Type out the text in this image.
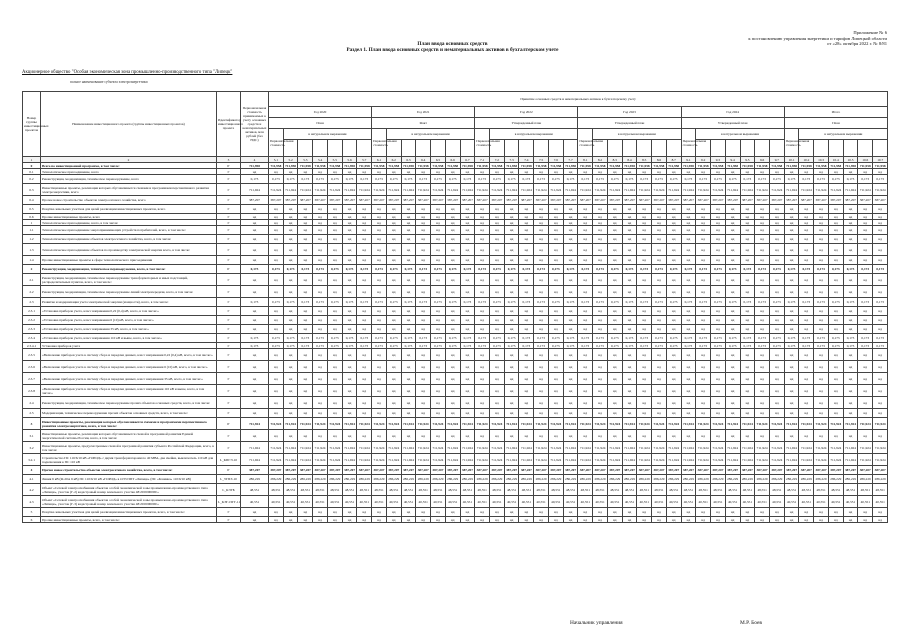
Приложение № 6
к постановлению управления энергетики и тарифов Липецкой области
от «28» октября 2022 г. № 8/81
План ввода основных средств
Раздел 1. План ввода основных средств и нематериальных активов в бухгалтерском учете
Акционерное общество "Особая экономическая зона промышленно-производственного типа "Липецк"
полное наименование субъекта электроэнергетики
Номер группы инвестиционных проектов	Наименование инвестиционного проекта (группы инвестиционных проектов)	Идентификатор инвестиционного проекта	Первоначальная стоимость принимаемых к учету основных средств и нематериальных активов, млн рублей (без НДС)	Принятие основных средств и нематериальных активов к бухгалтерскому учету																																									
				Год 2020							Год 2021							Год 2022							Год 2023							Год 2024							Итого						
				План							Факт							Утвержденный план							Утвержденный план							Утвержденный план							План						
				Первоначальная стоимость	в натуральном выражении						Первоначальная стоимость	в натуральном выражении						Первоначальная стоимость	в натуральном выражении						Первоначальная стоимость	в натуральном выражении						Первоначальная стоимость	в натуральном выражении						Первоначальная стоимость	в натуральном выражении					

1	2	3	4	5.1	5.2	5.3	5.4	5.5	5.6	5.7	6.1	6.2	6.3	6.4	6.5	6.6	6.7	7.1	7.2	7.3	7.4	7.5	7.6	7.7	8.1	8.2	8.3	8.4	8.5	8.6	8.7	9.1	9.2	9.3	9.4	9.5	9.6	9.7	10.1	10.2	10.3	10.4	10.5	10.6	10.7
0	Всего по инвестиционной программе, в том числе:	Г	711,958	711,958	711,958	711,958	711,958	711,958	711,958	711,958	711,958	711,958	711,958	711,958	711,958	711,958	711,958	711,958	711,958	711,958	711,958	711,958	711,958	711,958	711,958	711,958	711,958	711,958	711,958	711,958	711,958	711,958	711,958	711,958	711,958	711,958	711,958	711,958	711,958	711,958	711,958	711,958	711,958	711,958	711,958
0.1	Технологическое присоединение, всего	Г	нд	нд	нд	нд	нд	нд	нд	нд	нд	нд	нд	нд	нд	нд	нд	нд	нд	нд	нд	нд	нд	нд	нд	нд	нд	нд	нд	нд	нд	нд	нд	нд	нд	нд	нд	нд	нд	нд	нд	нд	нд	нд	нд
0.2	Реконструкция, модернизация, техническое перевооружение, всего	Г	0,173	0,173	0,173	0,173	0,173	0,173	0,173	0,173	0,173	0,173	0,173	0,173	0,173	0,173	0,173	0,173	0,173	0,173	0,173	0,173	0,173	0,173	0,173	0,173	0,173	0,173	0,173	0,173	0,173	0,173	0,173	0,173	0,173	0,173	0,173	0,173	0,173	0,173	0,173	0,173	0,173	0,173	0,173
0.3	Инвестиционные проекты, реализация которых обуславливается схемами и программами перспективного развития электроэнергетики, всего	Г	711,924	711,924	711,924	711,924	711,924	711,924	711,924	711,924	711,924	711,924	711,924	711,924	711,924	711,924	711,924	711,924	711,924	711,924	711,924	711,924	711,924	711,924	711,924	711,924	711,924	711,924	711,924	711,924	711,924	711,924	711,924	711,924	711,924	711,924	711,924	711,924	711,924	711,924	711,924	711,924	711,924	711,924	711,924
0.4	Прочее новое строительство объектов электросетевого хозяйства, всего	Г	387,207	387,207	387,207	387,207	387,207	387,207	387,207	387,207	387,207	387,207	387,207	387,207	387,207	387,207	387,207	387,207	387,207	387,207	387,207	387,207	387,207	387,207	387,207	387,207	387,207	387,207	387,207	387,207	387,207	387,207	387,207	387,207	387,207	387,207	387,207	387,207	387,207	387,207	387,207	387,207	387,207	387,207	387,207
0.5	Покупка земельных участков для целей реализации инвестиционных проектов, всего	Г	нд	нд	нд	нд	нд	нд	нд	нд	нд	нд	нд	нд	нд	нд	нд	нд	нд	нд	нд	нд	нд	нд	нд	нд	нд	нд	нд	нд	нд	нд	нд	нд	нд	нд	нд	нд	нд	нд	нд	нд	нд	нд	нд
0.6	Прочие инвестиционные проекты, всего	Г	нд	нд	нд	нд	нд	нд	нд	нд	нд	нд	нд	нд	нд	нд	нд	нд	нд	нд	нд	нд	нд	нд	нд	нд	нд	нд	нд	нд	нд	нд	нд	нд	нд	нд	нд	нд	нд	нд	нд	нд	нд	нд	нд
1	Технологическое присоединение, всего, в том числе:	Г	нд	нд	нд	нд	нд	нд	нд	нд	нд	нд	нд	нд	нд	нд	нд	нд	нд	нд	нд	нд	нд	нд	нд	нд	нд	нд	нд	нд	нд	нд	нд	нд	нд	нд	нд	нд	нд	нд	нд	нд	нд	нд	нд
1.1	Технологическое присоединение энергопринимающих устройств потребителей, всего, в том числе:	Г	нд	нд	нд	нд	нд	нд	нд	нд	нд	нд	нд	нд	нд	нд	нд	нд	нд	нд	нд	нд	нд	нд	нд	нд	нд	нд	нд	нд	нд	нд	нд	нд	нд	нд	нд	нд	нд	нд	нд	нд	нд	нд	нд
1.2	Технологическое присоединение объектов электросетевого хозяйства, всего, в том числе:	Г	нд	нд	нд	нд	нд	нд	нд	нд	нд	нд	нд	нд	нд	нд	нд	нд	нд	нд	нд	нд	нд	нд	нд	нд	нд	нд	нд	нд	нд	нд	нд	нд	нд	нд	нд	нд	нд	нд	нд	нд	нд	нд	нд
1.3	Технологическое присоединение объектов по производству электрической энергии всего, в том числе:	Г	нд	нд	нд	нд	нд	нд	нд	нд	нд	нд	нд	нд	нд	нд	нд	нд	нд	нд	нд	нд	нд	нд	нд	нд	нд	нд	нд	нд	нд	нд	нд	нд	нд	нд	нд	нд	нд	нд	нд	нд	нд	нд	нд
1.4	Прочие инвестиционные проекты в сфере технологического присоединения	Г	нд	нд	нд	нд	нд	нд	нд	нд	нд	нд	нд	нд	нд	нд	нд	нд	нд	нд	нд	нд	нд	нд	нд	нд	нд	нд	нд	нд	нд	нд	нд	нд	нд	нд	нд	нд	нд	нд	нд	нд	нд	нд	нд
2	Реконструкция, модернизация, техническое перевооружение, всего, в том числе:	Г	0,173	0,173	0,173	0,173	0,173	0,173	0,173	0,173	0,173	0,173	0,173	0,173	0,173	0,173	0,173	0,173	0,173	0,173	0,173	0,173	0,173	0,173	0,173	0,173	0,173	0,173	0,173	0,173	0,173	0,173	0,173	0,173	0,173	0,173	0,173	0,173	0,173	0,173	0,173	0,173	0,173	0,173	0,173
2.1	Реконструкция, модернизация, техническое перевооружение трансформаторных и иных подстанций, распределительных пунктов, всего, в том числе:	Г	нд	нд	нд	нд	нд	нд	нд	нд	нд	нд	нд	нд	нд	нд	нд	нд	нд	нд	нд	нд	нд	нд	нд	нд	нд	нд	нд	нд	нд	нд	нд	нд	нд	нд	нд	нд	нд	нд	нд	нд	нд	нд	нд
2.2	Реконструкция, модернизация, техническое перевооружение линий электропередачи, всего, в том числе:	Г	нд	нд	нд	нд	нд	нд	нд	нд	нд	нд	нд	нд	нд	нд	нд	нд	нд	нд	нд	нд	нд	нд	нд	нд	нд	нд	нд	нд	нд	нд	нд	нд	нд	нд	нд	нд	нд	нд	нд	нд	нд	нд	нд
2.3	Развитие и модернизация учета электрической энергии (мощности), всего, в том числе:	Г	0,173	0,173	0,173	0,173	0,173	0,173	0,173	0,173	0,173	0,173	0,173	0,173	0,173	0,173	0,173	0,173	0,173	0,173	0,173	0,173	0,173	0,173	0,173	0,173	0,173	0,173	0,173	0,173	0,173	0,173	0,173	0,173	0,173	0,173	0,173	0,173	0,173	0,173	0,173	0,173	0,173	0,173	0,173
2.3.1	«Установка приборов учета, класс напряжения 0,22 (0,4) кВ, всего, в том числе:»	Г	нд	нд	нд	нд	нд	нд	нд	нд	нд	нд	нд	нд	нд	нд	нд	нд	нд	нд	нд	нд	нд	нд	нд	нд	нд	нд	нд	нд	нд	нд	нд	нд	нд	нд	нд	нд	нд	нд	нд	нд	нд	нд	нд
2.3.2	«Установка приборов учета, класс напряжения 6 (10) кВ, всего, в том числе:»	Г	нд	нд	нд	нд	нд	нд	нд	нд	нд	нд	нд	нд	нд	нд	нд	нд	нд	нд	нд	нд	нд	нд	нд	нд	нд	нд	нд	нд	нд	нд	нд	нд	нд	нд	нд	нд	нд	нд	нд	нд	нд	нд	нд
2.3.3	«Установка приборов учета, класс напряжения 35 кВ, всего, в том числе:»	Г	нд	нд	нд	нд	нд	нд	нд	нд	нд	нд	нд	нд	нд	нд	нд	нд	нд	нд	нд	нд	нд	нд	нд	нд	нд	нд	нд	нд	нд	нд	нд	нд	нд	нд	нд	нд	нд	нд	нд	нд	нд	нд	нд
2.3.4	«Установка приборов учета, класс напряжения 110 кВ и выше, всего, в том числе:»	Г	0,173	0,173	0,173	0,173	0,173	0,173	0,173	0,173	0,173	0,173	0,173	0,173	0,173	0,173	0,173	0,173	0,173	0,173	0,173	0,173	0,173	0,173	0,173	0,173	0,173	0,173	0,173	0,173	0,173	0,173	0,173	0,173	0,173	0,173	0,173	0,173	0,173	0,173	0,173	0,173	0,173	0,173	0,173
2.3.4.1	Установка приборов учета	Г	0,173	0,173	0,173	0,173	0,173	0,173	0,173	0,173	0,173	0,173	0,173	0,173	0,173	0,173	0,173	0,173	0,173	0,173	0,173	0,173	0,173	0,173	0,173	0,173	0,173	0,173	0,173	0,173	0,173	0,173	0,173	0,173	0,173	0,173	0,173	0,173	0,173	0,173	0,173	0,173	0,173	0,173	0,173
2.3.5	«Включение приборов учета в систему сбора и передачи данных, класс напряжения 0,22 (0,4) кВ, всего, в том числе:»	Г	нд	нд	нд	нд	нд	нд	нд	нд	нд	нд	нд	нд	нд	нд	нд	нд	нд	нд	нд	нд	нд	нд	нд	нд	нд	нд	нд	нд	нд	нд	нд	нд	нд	нд	нд	нд	нд	нд	нд	нд	нд	нд	нд
2.3.6	«Включение приборов учета в систему сбора и передачи данных, класс напряжения 6 (10) кВ, всего, в том числе:»	Г	нд	нд	нд	нд	нд	нд	нд	нд	нд	нд	нд	нд	нд	нд	нд	нд	нд	нд	нд	нд	нд	нд	нд	нд	нд	нд	нд	нд	нд	нд	нд	нд	нд	нд	нд	нд	нд	нд	нд	нд	нд	нд	нд
2.3.7	«Включение приборов учета в систему сбора и передачи данных, класс напряжения 35 кВ, всего, в том числе:»	Г	нд	нд	нд	нд	нд	нд	нд	нд	нд	нд	нд	нд	нд	нд	нд	нд	нд	нд	нд	нд	нд	нд	нд	нд	нд	нд	нд	нд	нд	нд	нд	нд	нд	нд	нд	нд	нд	нд	нд	нд	нд	нд	нд
2.3.8	«Включение приборов учета в систему сбора и передачи данных, класс напряжения 110 кВ и выше, всего, в том числе:»	Г	нд	нд	нд	нд	нд	нд	нд	нд	нд	нд	нд	нд	нд	нд	нд	нд	нд	нд	нд	нд	нд	нд	нд	нд	нд	нд	нд	нд	нд	нд	нд	нд	нд	нд	нд	нд	нд	нд	нд	нд	нд	нд	нд
2.4	Реконструкция, модернизация, техническое перевооружение прочих объектов основных средств, всего, в том числе:	Г	нд	нд	нд	нд	нд	нд	нд	нд	нд	нд	нд	нд	нд	нд	нд	нд	нд	нд	нд	нд	нд	нд	нд	нд	нд	нд	нд	нд	нд	нд	нд	нд	нд	нд	нд	нд	нд	нд	нд	нд	нд	нд	нд
2.5	Модернизация, техническое перевооружение прочих объектов основных средств, всего, в том числе:	Г	нд	нд	нд	нд	нд	нд	нд	нд	нд	нд	нд	нд	нд	нд	нд	нд	нд	нд	нд	нд	нд	нд	нд	нд	нд	нд	нд	нд	нд	нд	нд	нд	нд	нд	нд	нд	нд	нд	нд	нд	нд	нд	нд
3	Инвестиционные проекты, реализация которых обуславливается схемами и программами перспективного развития электроэнергетики, всего, в том числе:	Г	711,924	711,924	711,924	711,924	711,924	711,924	711,924	711,924	711,924	711,924	711,924	711,924	711,924	711,924	711,924	711,924	711,924	711,924	711,924	711,924	711,924	711,924	711,924	711,924	711,924	711,924	711,924	711,924	711,924	711,924	711,924	711,924	711,924	711,924	711,924	711,924	711,924	711,924	711,924	711,924	711,924	711,924	711,924
3.1	Инвестиционные проекты, реализация которых обуславливается схемой и программой развития Единой энергетической системы России, всего, в том числе:	Г	нд	нд	нд	нд	нд	нд	нд	нд	нд	нд	нд	нд	нд	нд	нд	нд	нд	нд	нд	нд	нд	нд	нд	нд	нд	нд	нд	нд	нд	нд	нд	нд	нд	нд	нд	нд	нд	нд	нд	нд	нд	нд	нд
3.2	Инвестиционные проекты, предусмотренные схемой и программой развития субъекта Российской Федерации, всего, в том числе:	Г	711,924	711,924	711,924	711,924	711,924	711,924	711,924	711,924	711,924	711,924	711,924	711,924	711,924	711,924	711,924	711,924	711,924	711,924	711,924	711,924	711,924	711,924	711,924	711,924	711,924	711,924	711,924	711,924	711,924	711,924	711,924	711,924	711,924	711,924	711,924	711,924	711,924	711,924	711,924	711,924	711,924	711,924	711,924
3.2.1	Строительство ПС 110/6/10 кВ «ГОРОД» с двумя трансформаторами по 40 МВА, две ячейки, выключатель 110 кВ для подключения к ПС 110 кВ	L_КПГЭ-10	711,924	711,924	711,924	711,924	711,924	711,924	711,924	711,924	711,924	711,924	711,924	711,924	711,924	711,924	711,924	711,924	711,924	711,924	711,924	711,924	711,924	711,924	711,924	711,924	711,924	711,924	711,924	711,924	711,924	711,924	711,924	711,924	711,924	711,924	711,924	711,924	711,924	711,924	711,924	711,924	711,924	711,924	711,924
4	Прочее новое строительство объектов электросетевого хозяйства, всего, в том числе:	Г	387,207	387,207	387,207	387,207	387,207	387,207	387,207	387,207	387,207	387,207	387,207	387,207	387,207	387,207	387,207	387,207	387,207	387,207	387,207	387,207	387,207	387,207	387,207	387,207	387,207	387,207	387,207	387,207	387,207	387,207	387,207	387,207	387,207	387,207	387,207	387,207	387,207	387,207	387,207	387,207	387,207	387,207	387,207
4.1	Линия 6 кВ (Ф-20А 6 кВ) ПС 110/6/10 кВ «ГОРОД» в ОЭЗ ППТ «Липецк» (ПС «Казинка» 110/6/10 кВ)	L_ЗТПЭ-10	286,229	286,229	286,229	286,229	286,229	286,229	286,229	286,229	286,229	286,229	286,229	286,229	286,229	286,229	286,229	286,229	286,229	286,229	286,229	286,229	286,229	286,229	286,229	286,229	286,229	286,229	286,229	286,229	286,229	286,229	286,229	286,229	286,229	286,229	286,229	286,229	286,229	286,229	286,229	286,229	286,229	286,229	286,229
4.2	Объект «Сетевой электроснабжения объектов особой экономической зоны промышленно-производственного типа «Липецк», участок (Г-2) кадастровый номер земельного участка 48:20:0000000:»	L_КЭГБ	48,551	48,551	48,551	48,551	48,551	48,551	48,551	48,551	48,551	48,551	48,551	48,551	48,551	48,551	48,551	48,551	48,551	48,551	48,551	48,551	48,551	48,551	48,551	48,551	48,551	48,551	48,551	48,551	48,551	48,551	48,551	48,551	48,551	48,551	48,551	48,551	48,551	48,551	48,551	48,551	48,551	48,551	48,551
4.3	Объект «Сетевой электроснабжения объектов особой экономической зоны промышленно-производственного типа «Липецк», участок (Г-3) кадастровый номер земельного участка 48:20:0000000:»	L_КЭГ-ПГГ-11	40,551	40,551	40,551	40,551	40,551	40,551	40,551	40,551	40,551	40,551	40,551	40,551	40,551	40,551	40,551	40,551	40,551	40,551	40,551	40,551	40,551	40,551	40,551	40,551	40,551	40,551	40,551	40,551	40,551	40,551	40,551	40,551	40,551	40,551	40,551	40,551	40,551	40,551	40,551	40,551	40,551	40,551	40,551
5	Покупка земельных участков для целей реализации инвестиционных проектов, всего, в том числе:	Г	нд	нд	нд	нд	нд	нд	нд	нд	нд	нд	нд	нд	нд	нд	нд	нд	нд	нд	нд	нд	нд	нд	нд	нд	нд	нд	нд	нд	нд	нд	нд	нд	нд	нд	нд	нд	нд	нд	нд	нд	нд	нд	нд
6	Прочие инвестиционные проекты, всего, в том числе:	Г	нд	нд	нд	нд	нд	нд	нд	нд	нд	нд	нд	нд	нд	нд	нд	нд	нд	нд	нд	нд	нд	нд	нд	нд	нд	нд	нд	нд	нд	нд	нд	нд	нд	нд	нд	нд	нд	нд	нд	нд	нд	нд	нд
Начальник управления	М.Р. Боев
